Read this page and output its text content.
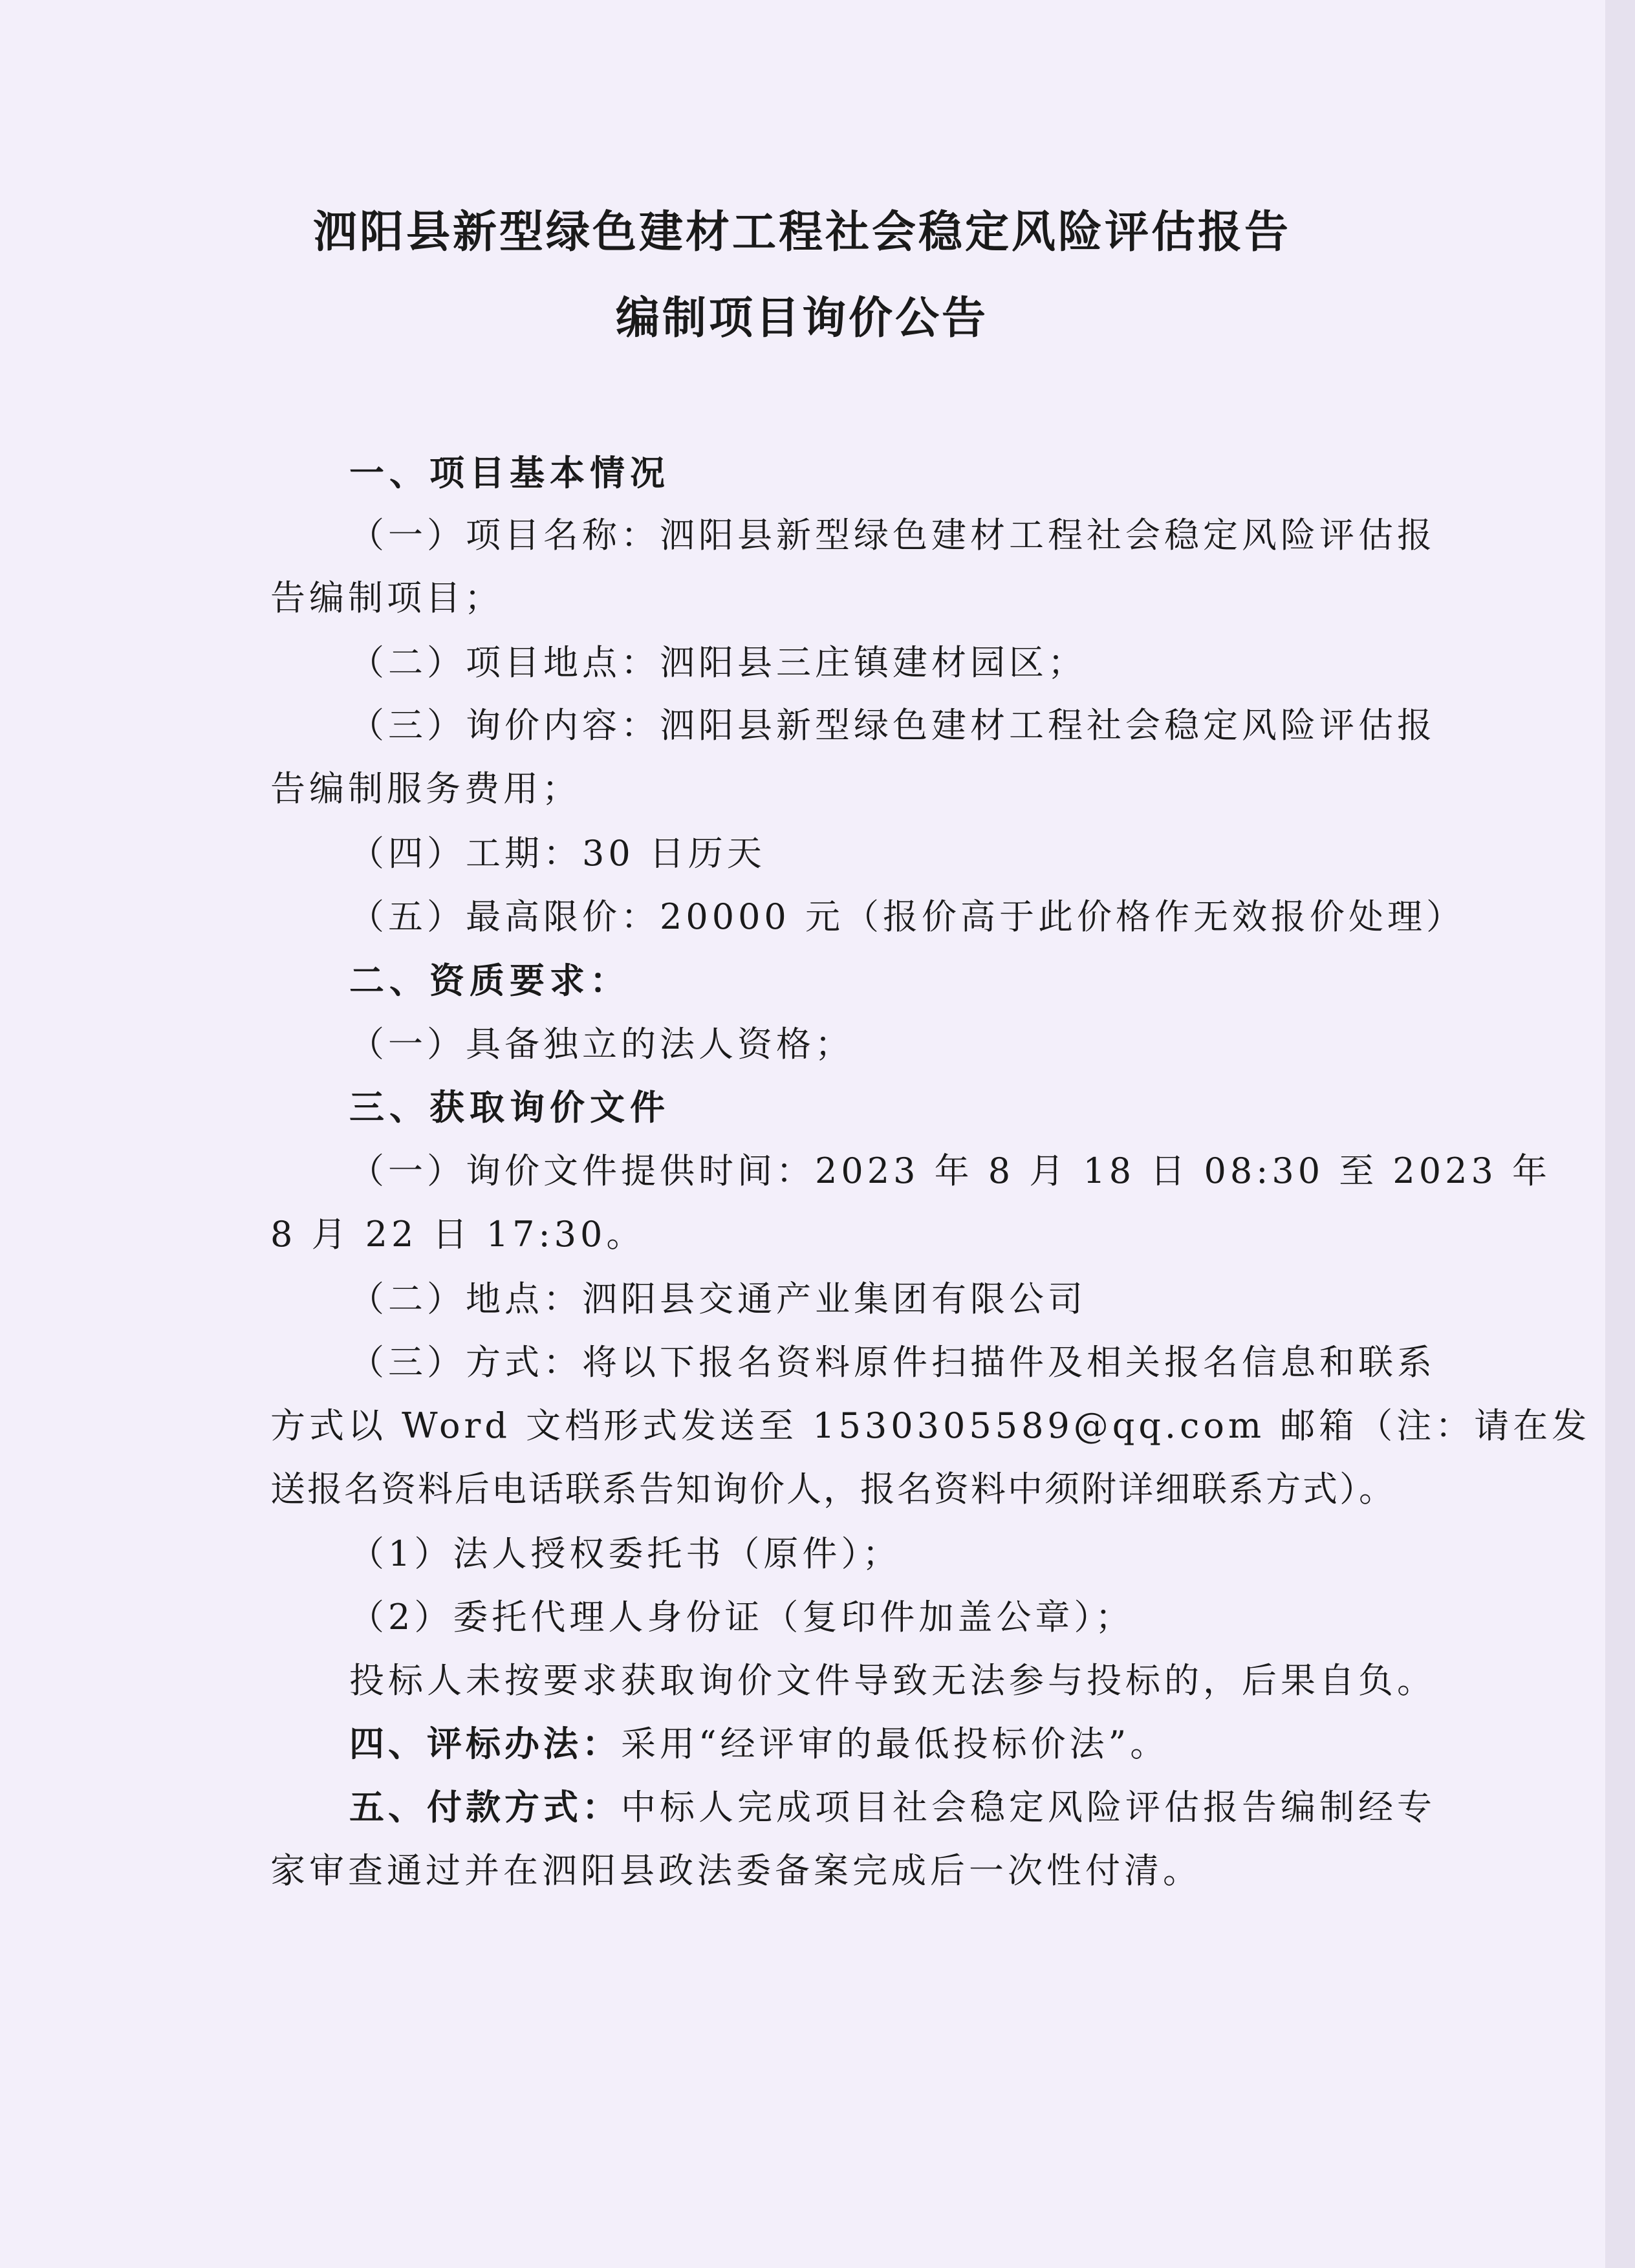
泗阳县新型绿色建材工程社会稳定风险评估报告
编制项目询价公告
一、项目基本情况
（一）项目名称：泗阳县新型绿色建材工程社会稳定风险评估报
告编制项目；
（二）项目地点：泗阳县三庄镇建材园区；
（三）询价内容：泗阳县新型绿色建材工程社会稳定风险评估报
告编制服务费用；
（四）工期：30 日历天
（五）最高限价：20000 元（报价高于此价格作无效报价处理）
二、资质要求：
（一）具备独立的法人资格；
三、获取询价文件
（一）询价文件提供时间：2023 年 8 月 18 日 08:30 至 2023 年
8 月 22 日 17:30。
（二）地点：泗阳县交通产业集团有限公司
（三）方式：将以下报名资料原件扫描件及相关报名信息和联系
方式以 Word 文档形式发送至 1530305589@qq.com 邮箱（注：请在发
送报名资料后电话联系告知询价人，报名资料中须附详细联系方式）。
（1）法人授权委托书（原件）；
（2）委托代理人身份证（复印件加盖公章）；
投标人未按要求获取询价文件导致无法参与投标的，后果自负。
四、评标办法：采用“经评审的最低投标价法”。
五、付款方式：中标人完成项目社会稳定风险评估报告编制经专
家审查通过并在泗阳县政法委备案完成后一次性付清。
